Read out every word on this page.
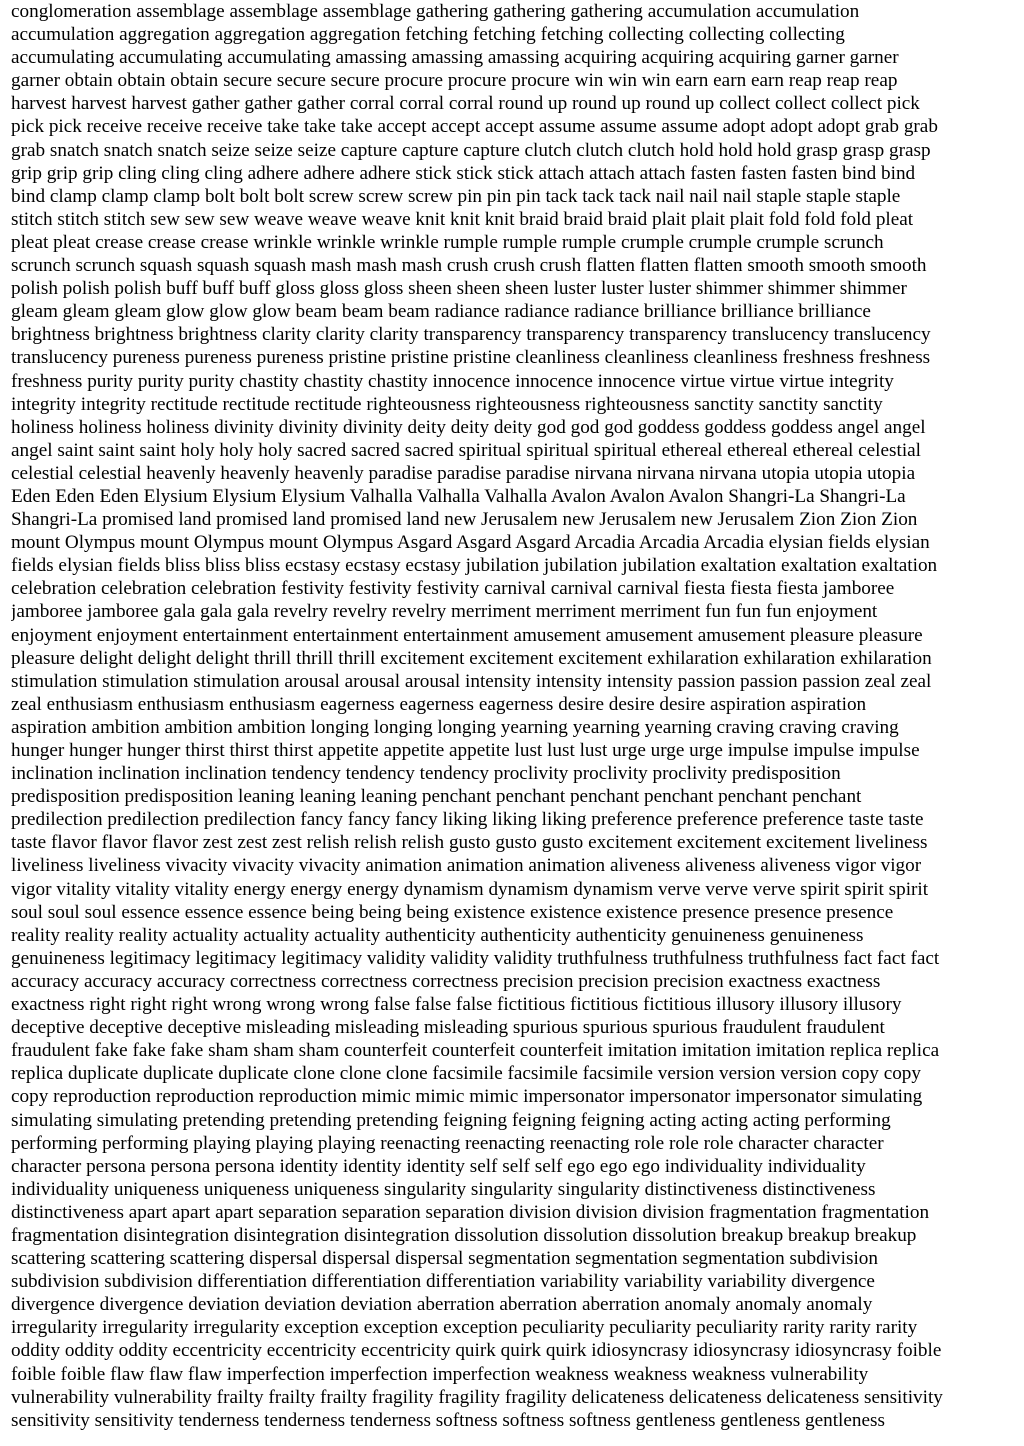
conglomeration assemblage assemblage assemblage gathering gathering gathering accumulation accumulation
accumulation aggregation aggregation aggregation fetching fetching fetching collecting collecting collecting
accumulating accumulating accumulating amassing amassing amassing acquiring acquiring acquiring garner garner
garner obtain obtain obtain secure secure secure procure procure procure win win win earn earn earn reap reap reap
harvest harvest harvest gather gather gather corral corral corral round up round up round up collect collect collect pick
pick pick receive receive receive take take take accept accept accept assume assume assume adopt adopt adopt grab grab
grab snatch snatch snatch seize seize seize capture capture capture clutch clutch clutch hold hold hold grasp grasp grasp
grip grip grip cling cling cling adhere adhere adhere stick stick stick attach attach attach fasten fasten fasten bind bind
bind clamp clamp clamp bolt bolt bolt screw screw screw pin pin pin tack tack tack nail nail nail staple staple staple
stitch stitch stitch sew sew sew weave weave weave knit knit knit braid braid braid plait plait plait fold fold fold pleat
pleat pleat crease crease crease wrinkle wrinkle wrinkle rumple rumple rumple crumple crumple crumple scrunch
scrunch scrunch squash squash squash mash mash mash crush crush crush flatten flatten flatten smooth smooth smooth
polish polish polish buff buff buff gloss gloss gloss sheen sheen sheen luster luster luster shimmer shimmer shimmer
gleam gleam gleam glow glow glow beam beam beam radiance radiance radiance brilliance brilliance brilliance
brightness brightness brightness clarity clarity clarity transparency transparency transparency translucency translucency
translucency pureness pureness pureness pristine pristine pristine cleanliness cleanliness cleanliness freshness freshness
freshness purity purity purity chastity chastity chastity innocence innocence innocence virtue virtue virtue integrity
integrity integrity rectitude rectitude rectitude righteousness righteousness righteousness sanctity sanctity sanctity
holiness holiness holiness divinity divinity divinity deity deity deity god god god goddess goddess goddess angel angel
angel saint saint saint holy holy holy sacred sacred sacred spiritual spiritual spiritual ethereal ethereal ethereal celestial
celestial celestial heavenly heavenly heavenly paradise paradise paradise nirvana nirvana nirvana utopia utopia utopia
Eden Eden Eden Elysium Elysium Elysium Valhalla Valhalla Valhalla Avalon Avalon Avalon Shangri-La Shangri-La
Shangri-La promised land promised land promised land new Jerusalem new Jerusalem new Jerusalem Zion Zion Zion
mount Olympus mount Olympus mount Olympus Asgard Asgard Asgard Arcadia Arcadia Arcadia elysian fields elysian
fields elysian fields bliss bliss bliss ecstasy ecstasy ecstasy jubilation jubilation jubilation exaltation exaltation exaltation
celebration celebration celebration festivity festivity festivity carnival carnival carnival fiesta fiesta fiesta jamboree
jamboree jamboree gala gala gala revelry revelry revelry merriment merriment merriment fun fun fun enjoyment
enjoyment enjoyment entertainment entertainment entertainment amusement amusement amusement pleasure pleasure
pleasure delight delight delight thrill thrill thrill excitement excitement excitement exhilaration exhilaration exhilaration
stimulation stimulation stimulation arousal arousal arousal intensity intensity intensity passion passion passion zeal zeal
zeal enthusiasm enthusiasm enthusiasm eagerness eagerness eagerness desire desire desire aspiration aspiration
aspiration ambition ambition ambition longing longing longing yearning yearning yearning craving craving craving
hunger hunger hunger thirst thirst thirst appetite appetite appetite lust lust lust urge urge urge impulse impulse impulse
inclination inclination inclination tendency tendency tendency proclivity proclivity proclivity predisposition
predisposition predisposition leaning leaning leaning penchant penchant penchant penchant penchant penchant
predilection predilection predilection fancy fancy fancy liking liking liking preference preference preference taste taste
taste flavor flavor flavor zest zest zest relish relish relish gusto gusto gusto excitement excitement excitement liveliness
liveliness liveliness vivacity vivacity vivacity animation animation animation aliveness aliveness aliveness vigor vigor
vigor vitality vitality vitality energy energy energy dynamism dynamism dynamism verve verve verve spirit spirit spirit
soul soul soul essence essence essence being being being existence existence existence presence presence presence
reality reality reality actuality actuality actuality authenticity authenticity authenticity genuineness genuineness
genuineness legitimacy legitimacy legitimacy validity validity validity truthfulness truthfulness truthfulness fact fact fact
accuracy accuracy accuracy correctness correctness correctness precision precision precision exactness exactness
exactness right right right wrong wrong wrong false false false fictitious fictitious fictitious illusory illusory illusory
deceptive deceptive deceptive misleading misleading misleading spurious spurious spurious fraudulent fraudulent
fraudulent fake fake fake sham sham sham counterfeit counterfeit counterfeit imitation imitation imitation replica replica
replica duplicate duplicate duplicate clone clone clone facsimile facsimile facsimile version version version copy copy
copy reproduction reproduction reproduction mimic mimic mimic impersonator impersonator impersonator simulating
simulating simulating pretending pretending pretending feigning feigning feigning acting acting acting performing
performing performing playing playing playing reenacting reenacting reenacting role role role character character
character persona persona persona identity identity identity self self self ego ego ego individuality individuality
individuality uniqueness uniqueness uniqueness singularity singularity singularity distinctiveness distinctiveness
distinctiveness apart apart apart separation separation separation division division division fragmentation fragmentation
fragmentation disintegration disintegration disintegration dissolution dissolution dissolution breakup breakup breakup
scattering scattering scattering dispersal dispersal dispersal segmentation segmentation segmentation subdivision
subdivision subdivision differentiation differentiation differentiation variability variability variability divergence
divergence divergence deviation deviation deviation aberration aberration aberration anomaly anomaly anomaly
irregularity irregularity irregularity exception exception exception peculiarity peculiarity peculiarity rarity rarity rarity
oddity oddity oddity eccentricity eccentricity eccentricity quirk quirk quirk idiosyncrasy idiosyncrasy idiosyncrasy foible
foible foible flaw flaw flaw imperfection imperfection imperfection weakness weakness weakness vulnerability
vulnerability vulnerability frailty frailty frailty fragility fragility fragility delicateness delicateness delicateness sensitivity
sensitivity sensitivity tenderness tenderness tenderness softness softness softness gentleness gentleness gentleness
